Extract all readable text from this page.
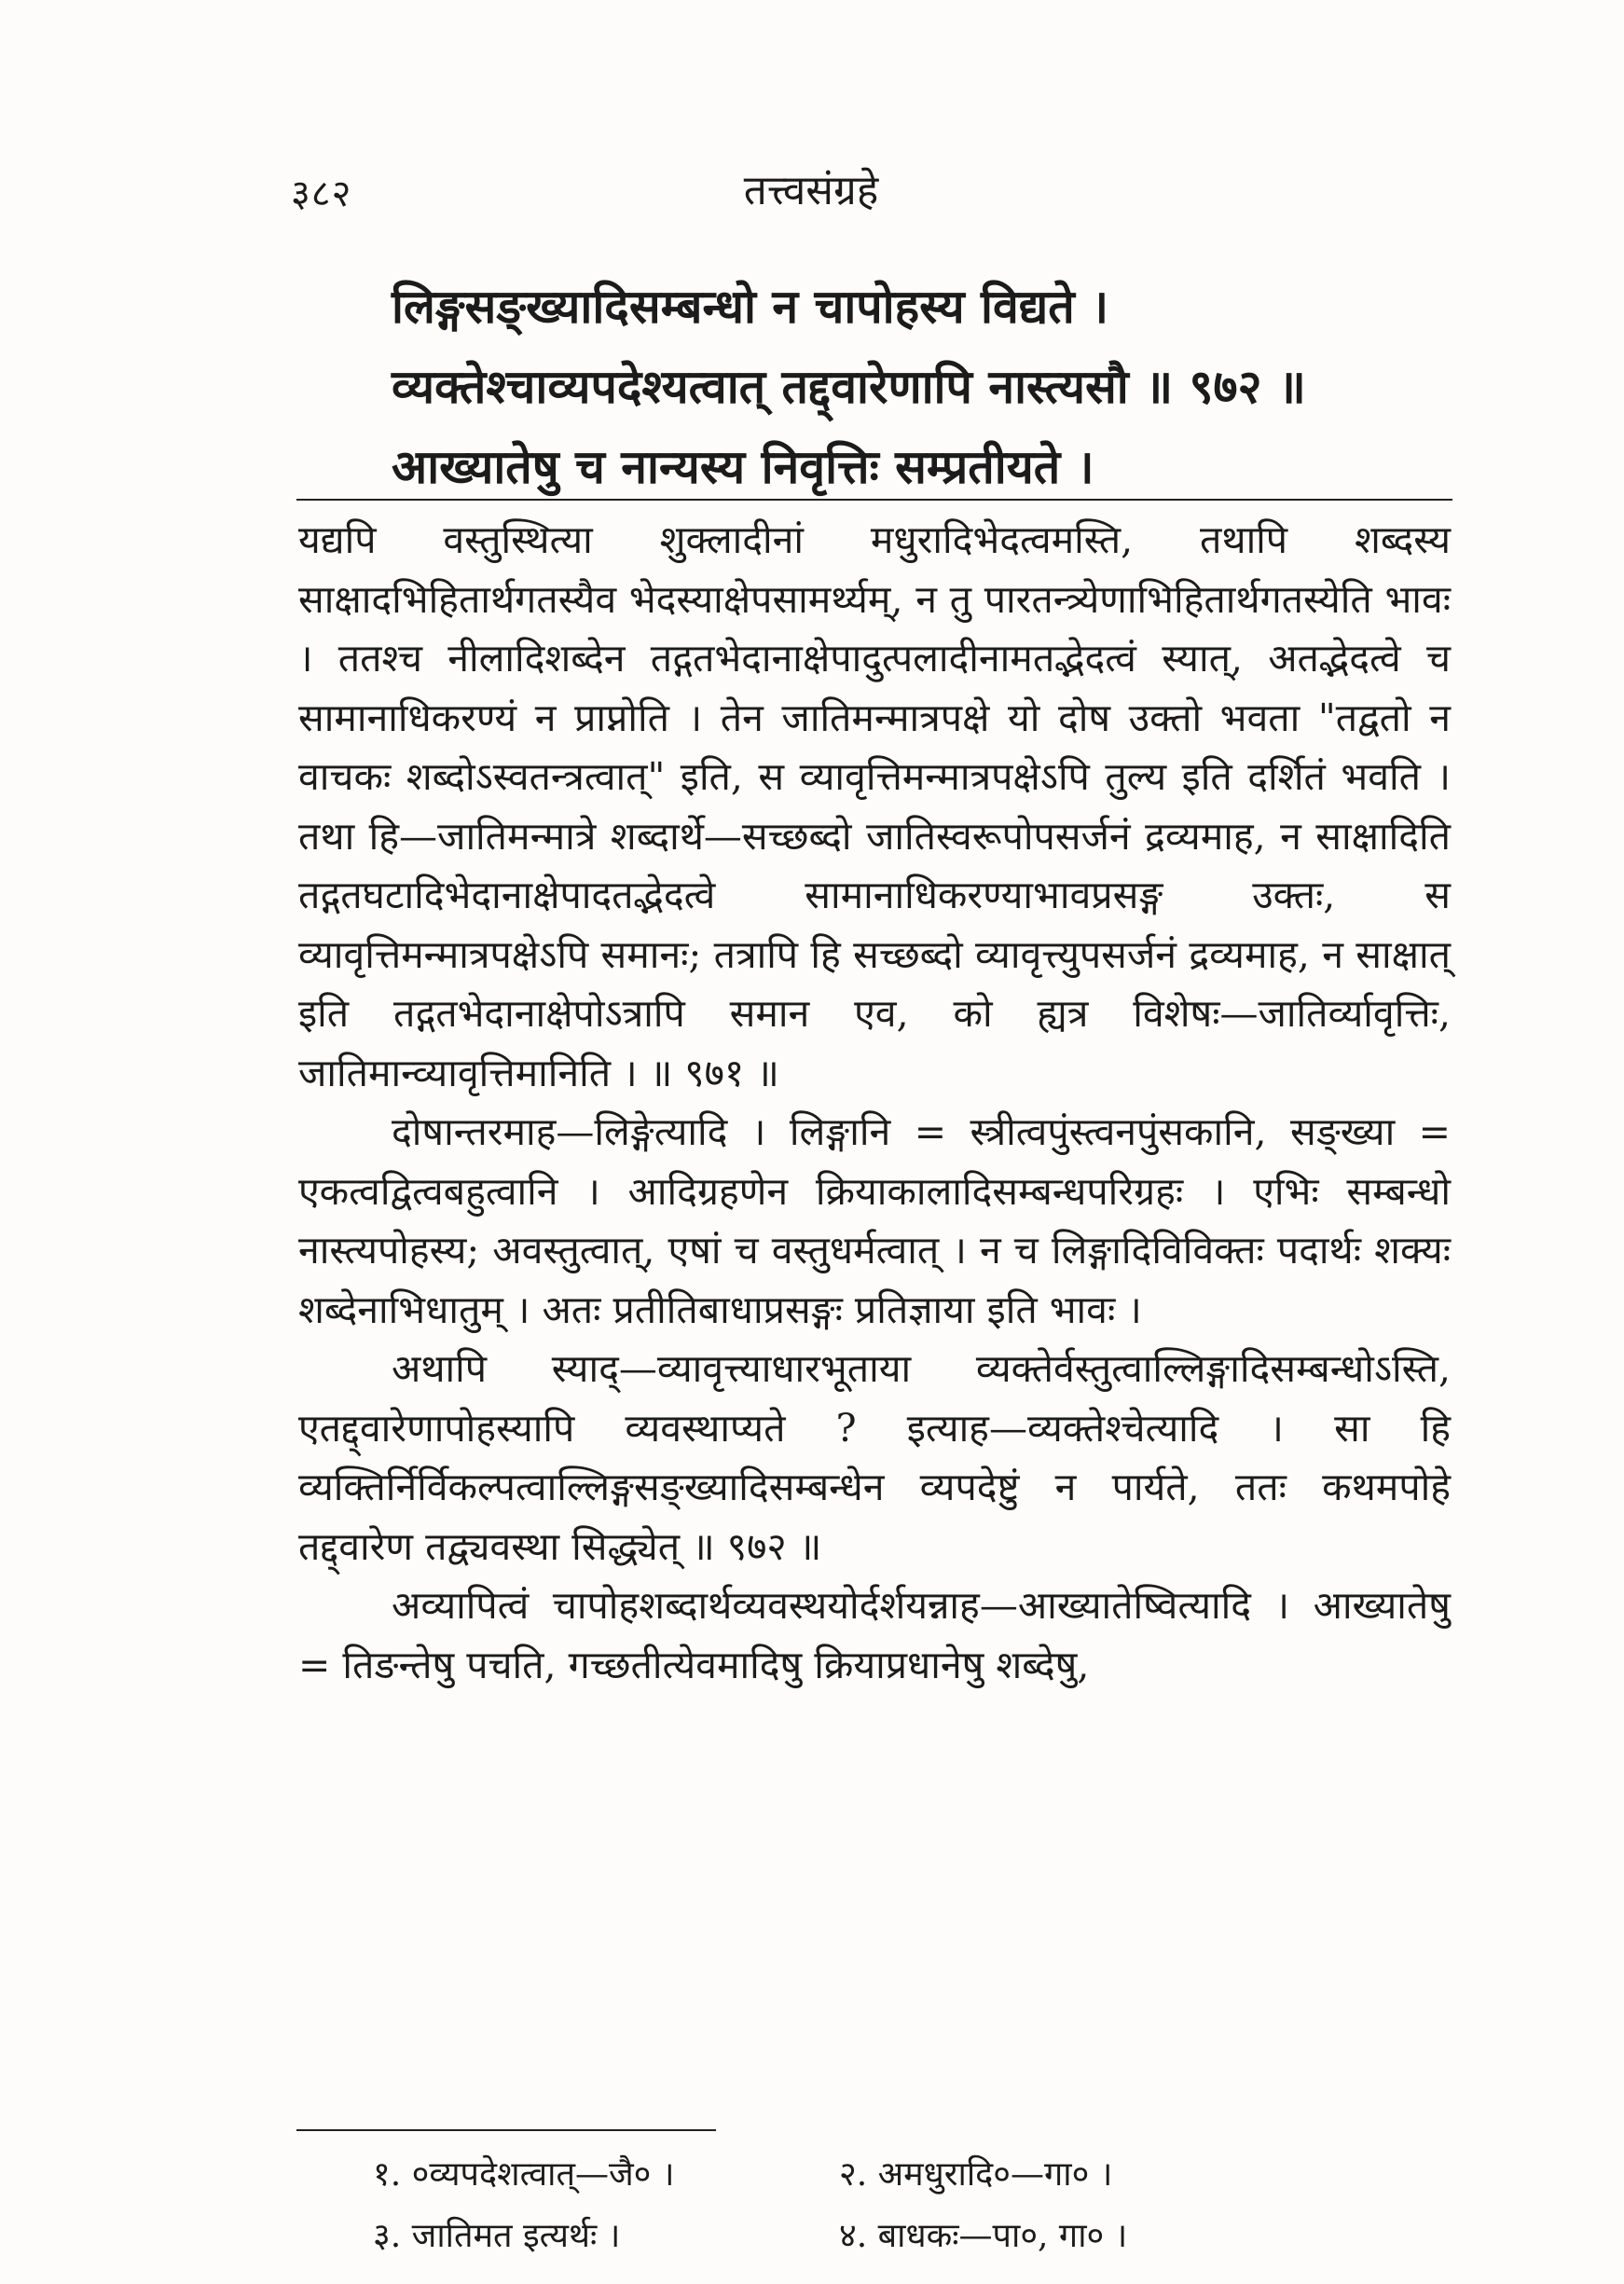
३८२	तत्त्वसंग्रहे
लिङ्गसङ्ख्यादिसम्बन्धो न चापोहस्य विद्यते ।
व्यक्तेश्चाव्यपदेश्यत्वात् तद्द्वारेणापि नास्त्यसौ ॥ ९७२ ॥
आख्यातेषु च नान्यस्य निवृत्तिः सम्प्रतीयते ।

यद्यपि वस्तुस्थित्या शुक्लादीनां मधुरादिभेदत्वमस्ति, तथापि शब्दस्य साक्षादभिहितार्थगतस्यैव भेदस्याक्षेपसामर्थ्यम्, न तु पारतन्त्र्येणाभिहितार्थगतस्येति भावः । ततश्च नीलादिशब्देन तद्गतभेदानाक्षेपादुत्पलादीनामतद्भेदत्वं स्यात्, अतद्भेदत्वे च सामानाधिकरण्यं न प्राप्नोति । तेन जातिमन्मात्रपक्षे यो दोष उक्तो भवता "तद्वतो न वाचकः शब्दोऽस्वतन्त्रत्वात्" इति, स व्यावृत्तिमन्मात्रपक्षेऽपि तुल्य इति दर्शितं भवति । तथा हि—जातिमन्मात्रे शब्दार्थे—सच्छब्दो जातिस्वरूपोपसर्जनं द्रव्यमाह, न साक्षादिति तद्गतघटादिभेदानाक्षेपादतद्भेदत्वे सामानाधिकरण्याभावप्रसङ्ग उक्तः, स व्यावृत्तिमन्मात्रपक्षेऽपि समानः; तत्रापि हि सच्छब्दो व्यावृत्त्युपसर्जनं द्रव्यमाह, न साक्षात् इति तद्गतभेदानाक्षेपोऽत्रापि समान एव, को ह्यत्र विशेषः—जातिर्व्यावृत्तिः, जातिमान्व्यावृत्तिमानिति । ॥ ९७१ ॥

दोषान्तरमाह—लिङ्गेत्यादि । लिङ्गानि = स्त्रीत्वपुंस्त्वनपुंसकानि, सङ्ख्या = एकत्वद्वित्वबहुत्वानि । आदिग्रहणेन क्रियाकालादिसम्बन्धपरिग्रहः । एभिः सम्बन्धो नास्त्यपोहस्य; अवस्तुत्वात्, एषां च वस्तुधर्मत्वात् । न च लिङ्गादिविविक्तः पदार्थः शक्यः शब्देनाभिधातुम् । अतः प्रतीतिबाधाप्रसङ्गः प्रतिज्ञाया इति भावः ।

अथापि स्याद्—व्यावृत्त्याधारभूताया व्यक्तेर्वस्तुत्वाल्लिङ्गादिसम्बन्धोऽस्ति, एतद्द्वारेणापोहस्यापि व्यवस्थाप्यते ? इत्याह—व्यक्तेश्चेत्यादि । सा हि व्यक्तिर्निर्विकल्पत्वाल्लिङ्गसङ्ख्यादिसम्बन्धेन व्यपदेष्टुं न पार्यते, ततः कथमपोहे तद्द्वारेण तद्व्यवस्था सिद्ध्येत् ॥ ९७२ ॥

अव्यापित्वं चापोहशब्दार्थव्यवस्थयोर्दर्शयन्नाह—आख्यातेष्वित्यादि । आख्यातेषु = तिङन्तेषु पचति, गच्छतीत्येवमादिषु क्रियाप्रधानेषु शब्देषु,

१. ०व्यपदेशत्वात्—जै० ।	२. अमधुरादि०—गा० ।
३. जातिमत इत्यर्थः ।	४. बाधकः—पा०, गा० ।
